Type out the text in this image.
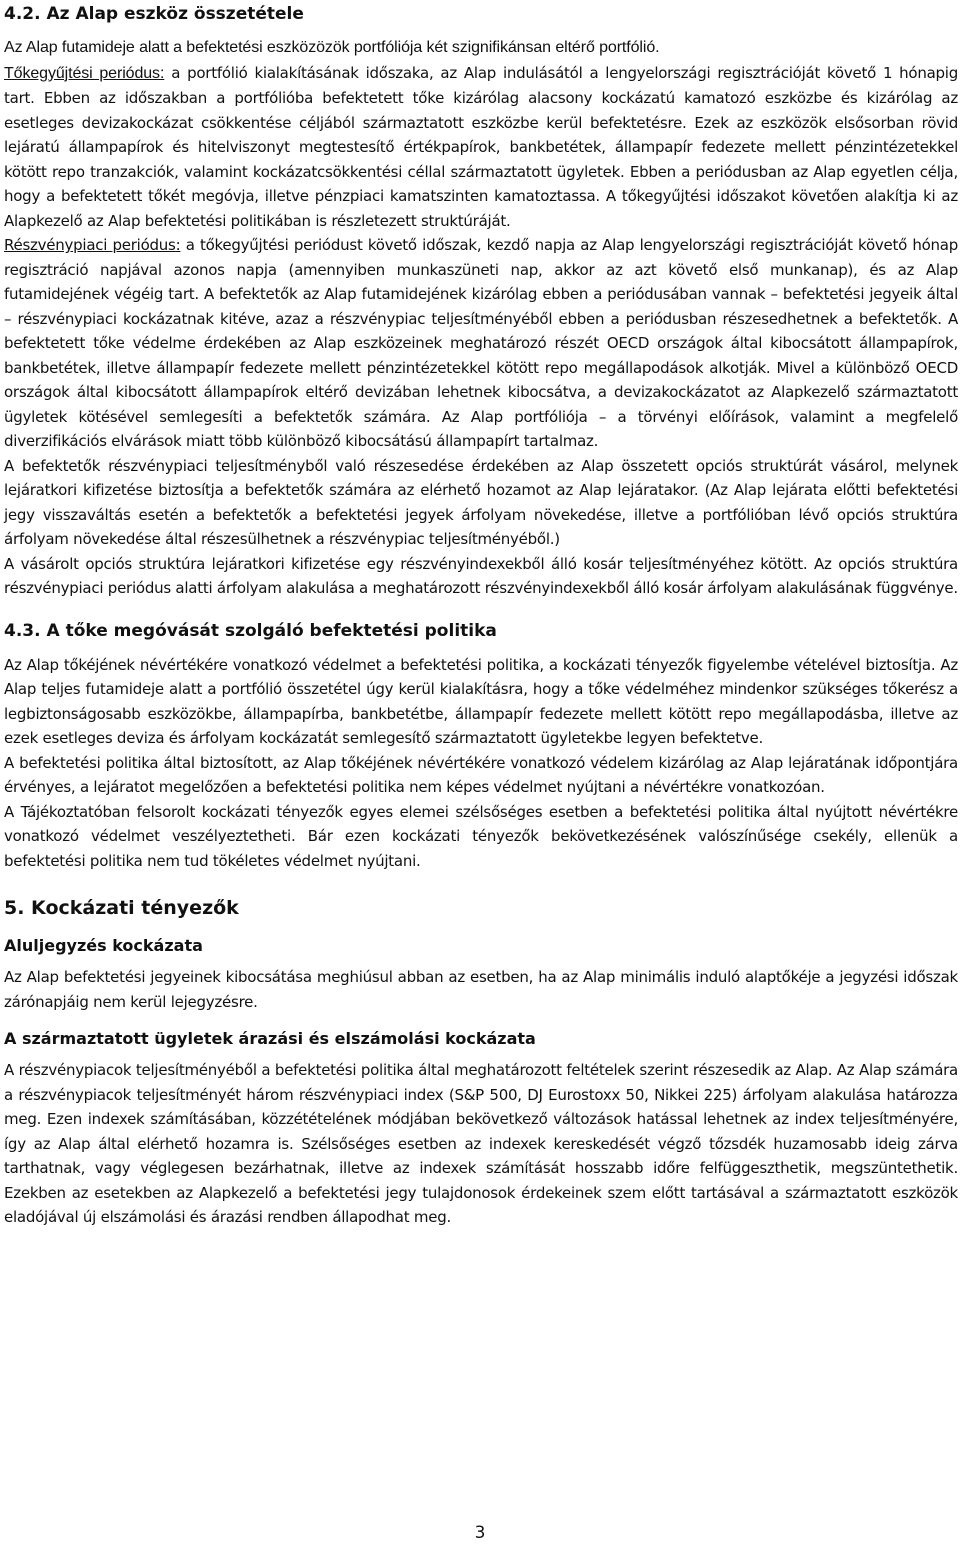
4.2. Az Alap eszköz összetétele

Az Alap futamideje alatt a befektetési eszközözök portfóliója két szignifikánsan eltérő portfólió.

Tőkegyűjtési periódus: a portfólió kialakításának időszaka, az Alap indulásától a lengyelországi regisztrációját követő 1 hónapig tart. Ebben az időszakban a portfólióba befektetett tőke kizárólag alacsony kockázatú kamatozó eszközbe és kizárólag az esetleges devizakockázat csökkentése céljából származtatott eszközbe kerül befektetésre. Ezek az eszközök elsősorban rövid lejáratú állampapírok és hitelviszonyt megtestesítő értékpapírok, bankbetétek, állampapír fedezete mellett pénzintézetekkel kötött repo tranzakciók, valamint kockázatcsökkentési céllal származtatott ügyletek. Ebben a periódusban az Alap egyetlen célja, hogy a befektetett tőkét megóvja, illetve pénzpiaci kamatszinten kamatoztassa. A tőkegyűjtési időszakot követően alakítja ki az Alapkezelő az Alap befektetési politikában is részletezett struktúráját.

Részvénypiaci periódus: a tőkegyűjtési periódust követő időszak, kezdő napja az Alap lengyelországi regisztrációját követő hónap regisztráció napjával azonos napja (amennyiben munkaszüneti nap, akkor az azt követő első munkanap), és az Alap futamidejének végéig tart. A befektetők az Alap futamidejének kizárólag ebben a periódusában vannak – befektetési jegyeik által – részvénypiaci kockázatnak kitéve, azaz a részvénypiac teljesítményéből ebben a periódusban részesedhetnek a befektetők. A befektetett tőke védelme érdekében az Alap eszközeinek meghatározó részét OECD országok által kibocsátott állampapírok, bankbetétek, illetve állampapír fedezete mellett pénzintézetekkel kötött repo megállapodások alkotják. Mivel a különböző OECD országok által kibocsátott állampapírok eltérő devizában lehetnek kibocsátva, a devizakockázatot az Alapkezelő származtatott ügyletek kötésével semlegesíti a befektetők számára. Az Alap portfóliója – a törvényi előírások, valamint a megfelelő diverzifikációs elvárások miatt több különböző kibocsátású állampapírt tartalmaz.

A befektetők részvénypiaci teljesítményből való részesedése érdekében az Alap összetett opciós struktúrát vásárol, melynek lejáratkori kifizetése biztosítja a befektetők számára az elérhető hozamot az Alap lejáratakor. (Az Alap lejárata előtti befektetési jegy visszaváltás esetén a befektetők a befektetési jegyek árfolyam növekedése, illetve a portfólióban lévő opciós struktúra árfolyam növekedése által részesülhetnek a részvénypiac teljesítményéből.)

A vásárolt opciós struktúra lejáratkori kifizetése egy részvényindexekből álló kosár teljesítményéhez kötött. Az opciós struktúra részvénypiaci periódus alatti árfolyam alakulása a meghatározott részvényindexekből álló kosár árfolyam alakulásának függvénye.

4.3. A tőke megóvását szolgáló befektetési politika

Az Alap tőkéjének névértékére vonatkozó védelmet a befektetési politika, a kockázati tényezők figyelembe vételével biztosítja. Az Alap teljes futamideje alatt a portfólió összetétel úgy kerül kialakításra, hogy a tőke védelméhez mindenkor szükséges tőkerész a legbiztonságosabb eszközökbe, állampapírba, bankbetétbe, állampapír fedezete mellett kötött repo megállapodásba, illetve az ezek esetleges deviza és árfolyam kockázatát semlegesítő származtatott ügyletekbe legyen befektetve.

A befektetési politika által biztosított, az Alap tőkéjének névértékére vonatkozó védelem kizárólag az Alap lejáratának időpontjára érvényes, a lejáratot megelőzően a befektetési politika nem képes védelmet nyújtani a névértékre vonatkozóan.

A Tájékoztatóban felsorolt kockázati tényezők egyes elemei szélsőséges esetben a befektetési politika által nyújtott névértékre vonatkozó védelmet veszélyeztetheti. Bár ezen kockázati tényezők bekövetkezésének valószínűsége csekély, ellenük a befektetési politika nem tud tökéletes védelmet nyújtani.

5. Kockázati tényezők
Aluljegyzés kockázata

Az Alap befektetési jegyeinek kibocsátása meghiúsul abban az esetben, ha az Alap minimális induló alaptőkéje a jegyzési időszak zárónapjáig nem kerül lejegyzésre.

A származtatott ügyletek árazási és elszámolási kockázata

A részvénypiacok teljesítményéből a befektetési politika által meghatározott feltételek szerint részesedik az Alap. Az Alap számára a részvénypiacok teljesítményét három részvénypiaci index (S&P 500, DJ Eurostoxx 50, Nikkei 225) árfolyam alakulása határozza meg. Ezen indexek számításában, közzétételének módjában bekövetkező változások hatással lehetnek az index teljesítményére, így az Alap által elérhető hozamra is. Szélsőséges esetben az indexek kereskedését végző tőzsdék huzamosabb ideig zárva tarthatnak, vagy véglegesen bezárhatnak, illetve az indexek számítását hosszabb időre felfüggeszthetik, megszüntethetik. Ezekben az esetekben az Alapkezelő a befektetési jegy tulajdonosok érdekeinek szem előtt tartásával a származtatott eszközök eladójával új elszámolási és árazási rendben állapodhat meg.

3
